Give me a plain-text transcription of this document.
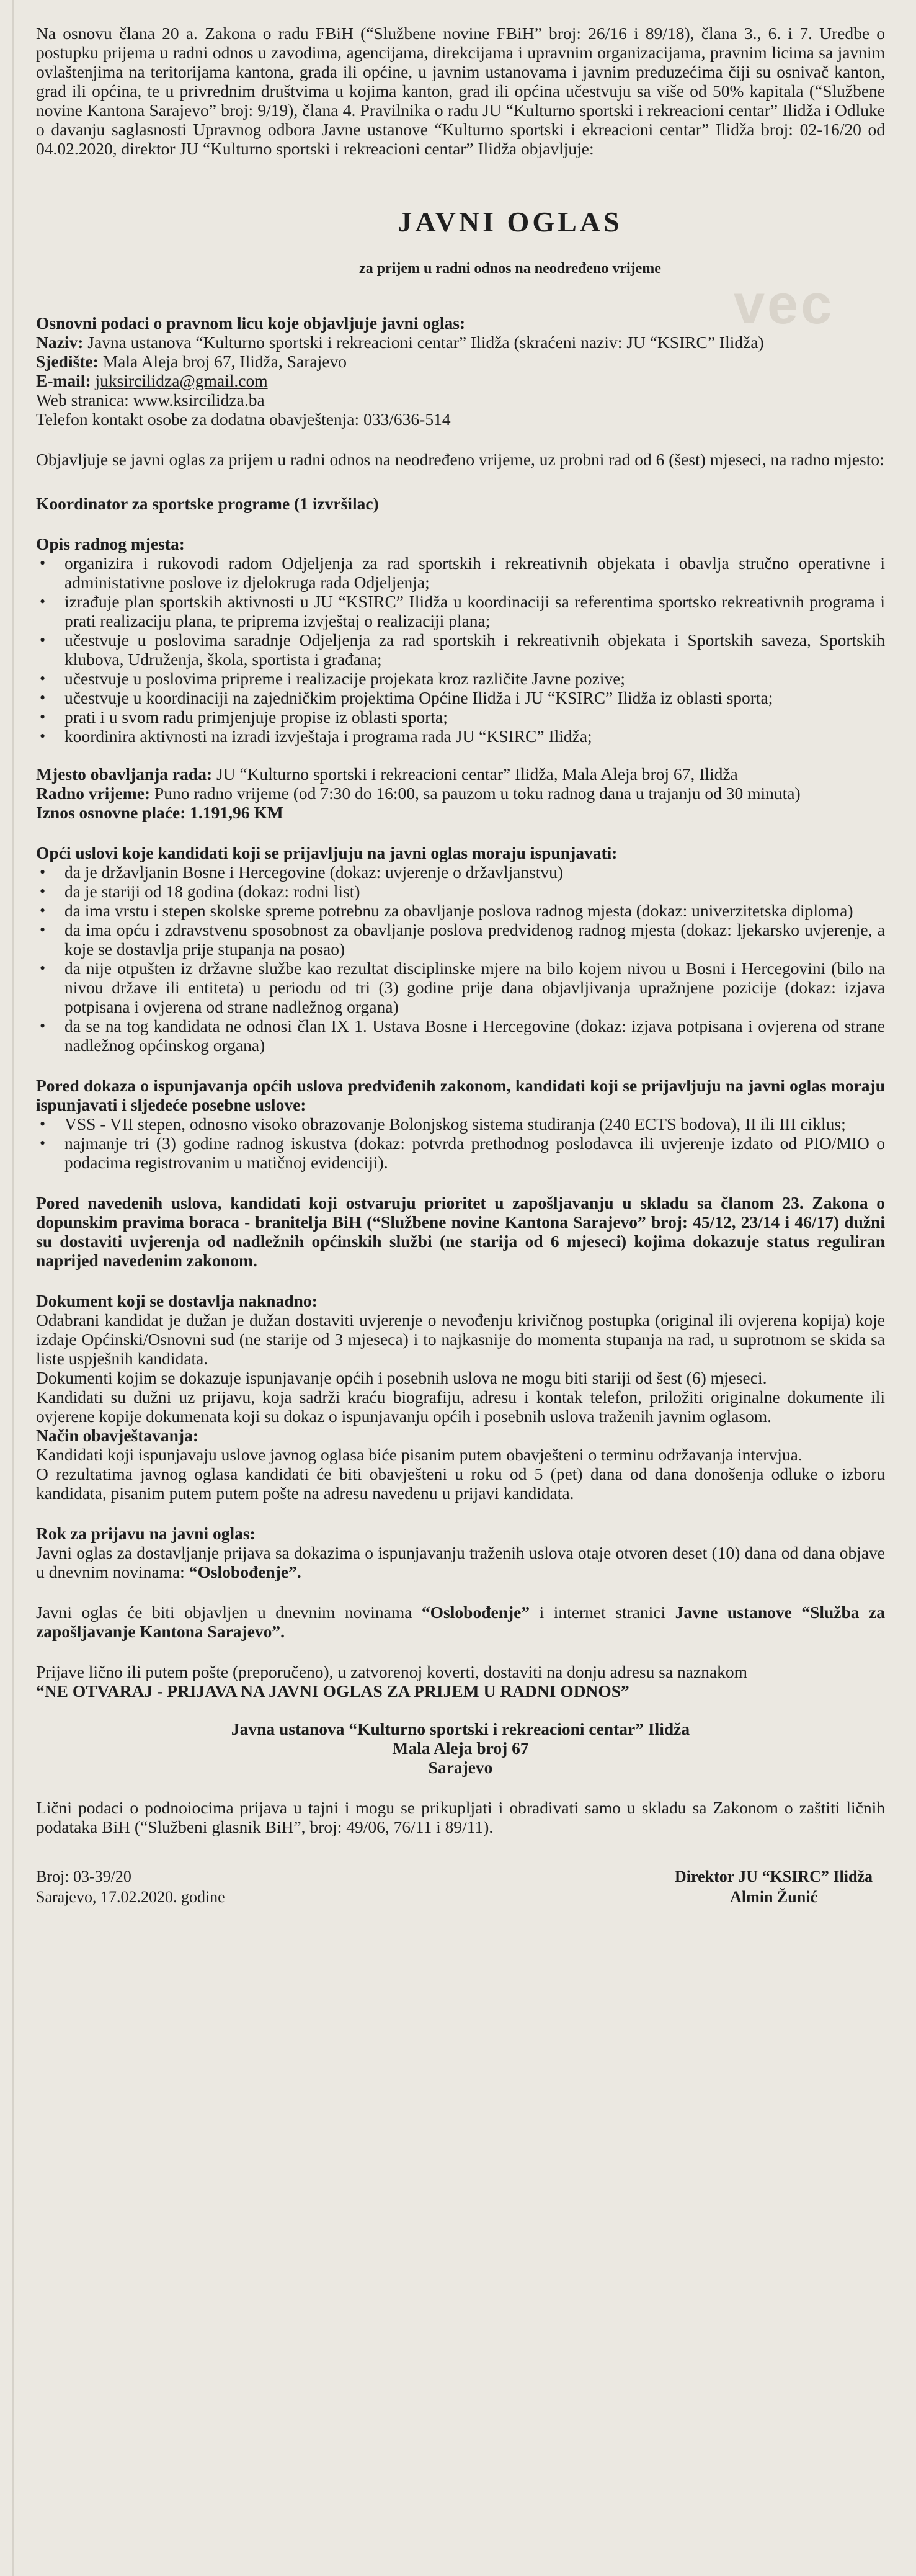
vec

Na osnovu člana 20 a. Zakona o radu FBiH (“Službene novine FBiH” broj: 26/16 i 89/18), člana 3., 6. i 7. Uredbe o postupku prijema u radni odnos u zavodima, agencijama, direkcijama i upravnim organizacijama, pravnim licima sa javnim ovlaštenjima na teritorijama kantona, grada ili općine, u javnim ustanovama i javnim preduzećima čiji su osnivač kanton, grad ili općina, te u privrednim društvima u kojima kanton, grad ili općina učestvuju sa više od 50% kapitala (“Službene novine Kantona Sarajevo” broj: 9/19), člana 4. Pravilnika o radu JU “Kulturno sportski i rekreacioni centar” Ilidža i Odluke o davanju saglasnosti Upravnog odbora Javne ustanove “Kulturno sportski i ekreacioni centar” Ilidža broj: 02-16/20 od 04.02.2020, direktor JU “Kulturno sportski i rekreacioni centar” Ilidža objavljuje:

JAVNI OGLAS
za prijem u radni odnos na neodređeno vrijeme

Osnovni podaci o pravnom licu koje objavljuje javni oglas:

Naziv: Javna ustanova “Kulturno sportski i rekreacioni centar” Ilidža (skraćeni naziv: JU “KSIRC” Ilidža)

Sjedište: Mala Aleja broj 67, Ilidža, Sarajevo

E-mail: juksircilidza@gmail.com

Web stranica: www.ksircilidza.ba

Telefon kontakt osobe za dodatna obavještenja: 033/636-514

Objavljuje se javni oglas za prijem u radni odnos na neodređeno vrijeme, uz probni rad od 6 (šest) mjeseci, na radno mjesto:

Koordinator za sportske programe (1 izvršilac)

Opis radnog mjesta:

• organizira i rukovodi radom Odjeljenja za rad sportskih i rekreativnih objekata i obavlja stručno operativne i administativne poslove iz djelokruga rada Odjeljenja;
• izrađuje plan sportskih aktivnosti u JU “KSIRC” Ilidža u koordinaciji sa referentima sportsko rekreativnih programa i prati realizaciju plana, te priprema izvještaj o realizaciji plana;
• učestvuje u poslovima saradnje Odjeljenja za rad sportskih i rekreativnih objekata i Sportskih saveza, Sportskih klubova, Udruženja, škola, sportista i građana;
• učestvuje u poslovima pripreme i realizacije projekata kroz različite Javne pozive;
• učestvuje u koordinaciji na zajedničkim projektima Općine Ilidža i JU “KSIRC” Ilidža iz oblasti sporta;
• prati i u svom radu primjenjuje propise iz oblasti sporta;
• koordinira aktivnosti na izradi izvještaja i programa rada JU “KSIRC” Ilidža;

Mjesto obavljanja rada: JU “Kulturno sportski i rekreacioni centar” Ilidža, Mala Aleja broj 67, Ilidža

Radno vrijeme: Puno radno vrijeme (od 7:30 do 16:00, sa pauzom u toku radnog dana u trajanju od 30 minuta)

Iznos osnovne plaće: 1.191,96 KM

Opći uslovi koje kandidati koji se prijavljuju na javni oglas moraju ispunjavati:

• da je državljanin Bosne i Hercegovine (dokaz: uvjerenje o državljanstvu)
• da je stariji od 18 godina (dokaz: rodni list)
• da ima vrstu i stepen skolske spreme potrebnu za obavljanje poslova radnog mjesta (dokaz: univerzitetska diploma)
• da ima opću i zdravstvenu sposobnost za obavljanje poslova predviđenog radnog mjesta (dokaz: ljekarsko uvjerenje, a koje se dostavlja prije stupanja na posao)
• da nije otpušten iz državne službe kao rezultat disciplinske mjere na bilo kojem nivou u Bosni i Hercegovini (bilo na nivou države ili entiteta) u periodu od tri (3) godine prije dana objavljivanja upražnjene pozicije (dokaz: izjava potpisana i ovjerena od strane nadležnog organa)
• da se na tog kandidata ne odnosi član IX 1. Ustava Bosne i Hercegovine (dokaz: izjava potpisana i ovjerena od strane nadležnog općinskog organa)

Pored dokaza o ispunjavanja općih uslova predviđenih zakonom, kandidati koji se prijavljuju na javni oglas moraju ispunjavati i sljedeće posebne uslove:

• VSS - VII stepen, odnosno visoko obrazovanje Bolonjskog sistema studiranja (240 ECTS bodova), II ili III ciklus;
• najmanje tri (3) godine radnog iskustva (dokaz: potvrda prethodnog poslodavca ili uvjerenje izdato od PIO/MIO o podacima registrovanim u matičnoj evidenciji).

Pored navedenih uslova, kandidati koji ostvaruju prioritet u zapošljavanju u skladu sa članom 23. Zakona o dopunskim pravima boraca - branitelja BiH (“Službene novine Kantona Sarajevo” broj: 45/12, 23/14 i 46/17) dužni su dostaviti uvjerenja od nadležnih općinskih službi (ne starija od 6 mjeseci) kojima dokazuje status reguliran naprijed navedenim zakonom.

Dokument koji se dostavlja naknadno:

Odabrani kandidat je dužan je dužan dostaviti uvjerenje o nevođenju krivičnog postupka (original ili ovjerena kopija) koje izdaje Općinski/Osnovni sud (ne starije od 3 mjeseca) i to najkasnije do momenta stupanja na rad, u suprotnom se skida sa liste uspješnih kandidata.

Dokumenti kojim se dokazuje ispunjavanje općih i posebnih uslova ne mogu biti stariji od šest (6) mjeseci.

Kandidati su dužni uz prijavu, koja sadrži kraću biografiju, adresu i kontak telefon, priložiti originalne dokumente ili ovjerene kopije dokumenata koji su dokaz o ispunjavanju općih i posebnih uslova traženih javnim oglasom.

Način obavještavanja:

Kandidati koji ispunjavaju uslove javnog oglasa biće pisanim putem obavješteni o terminu održavanja intervjua.

O rezultatima javnog oglasa kandidati će biti obavješteni u roku od 5 (pet) dana od dana donošenja odluke o izboru kandidata, pisanim putem putem pošte na adresu navedenu u prijavi kandidata.

Rok za prijavu na javni oglas:

Javni oglas za dostavljanje prijava sa dokazima o ispunjavanju traženih uslova otaje otvoren deset (10) dana od dana objave u dnevnim novinama: “Oslobođenje”.

Javni oglas će biti objavljen u dnevnim novinama “Oslobođenje” i internet stranici Javne ustanove “Služba za zapošljavanje Kantona Sarajevo”.

Prijave lično ili putem pošte (preporučeno), u zatvorenoj koverti, dostaviti na donju adresu sa naznakom

“NE OTVARAJ - PRIJAVA NA JAVNI OGLAS ZA PRIJEM U RADNI ODNOS”

Javna ustanova “Kulturno sportski i rekreacioni centar” Ilidža

Mala Aleja broj 67

Sarajevo

Lični podaci o podnoiocima prijava u tajni i mogu se prikupljati i obrađivati samo u skladu sa Zakonom o zaštiti ličnih podataka BiH (“Službeni glasnik BiH”, broj: 49/06, 76/11 i 89/11).

Broj: 03-39/20
Sarajevo, 17.02.2020. godine
Direktor JU “KSIRC” Ilidža
Almin Žunić
